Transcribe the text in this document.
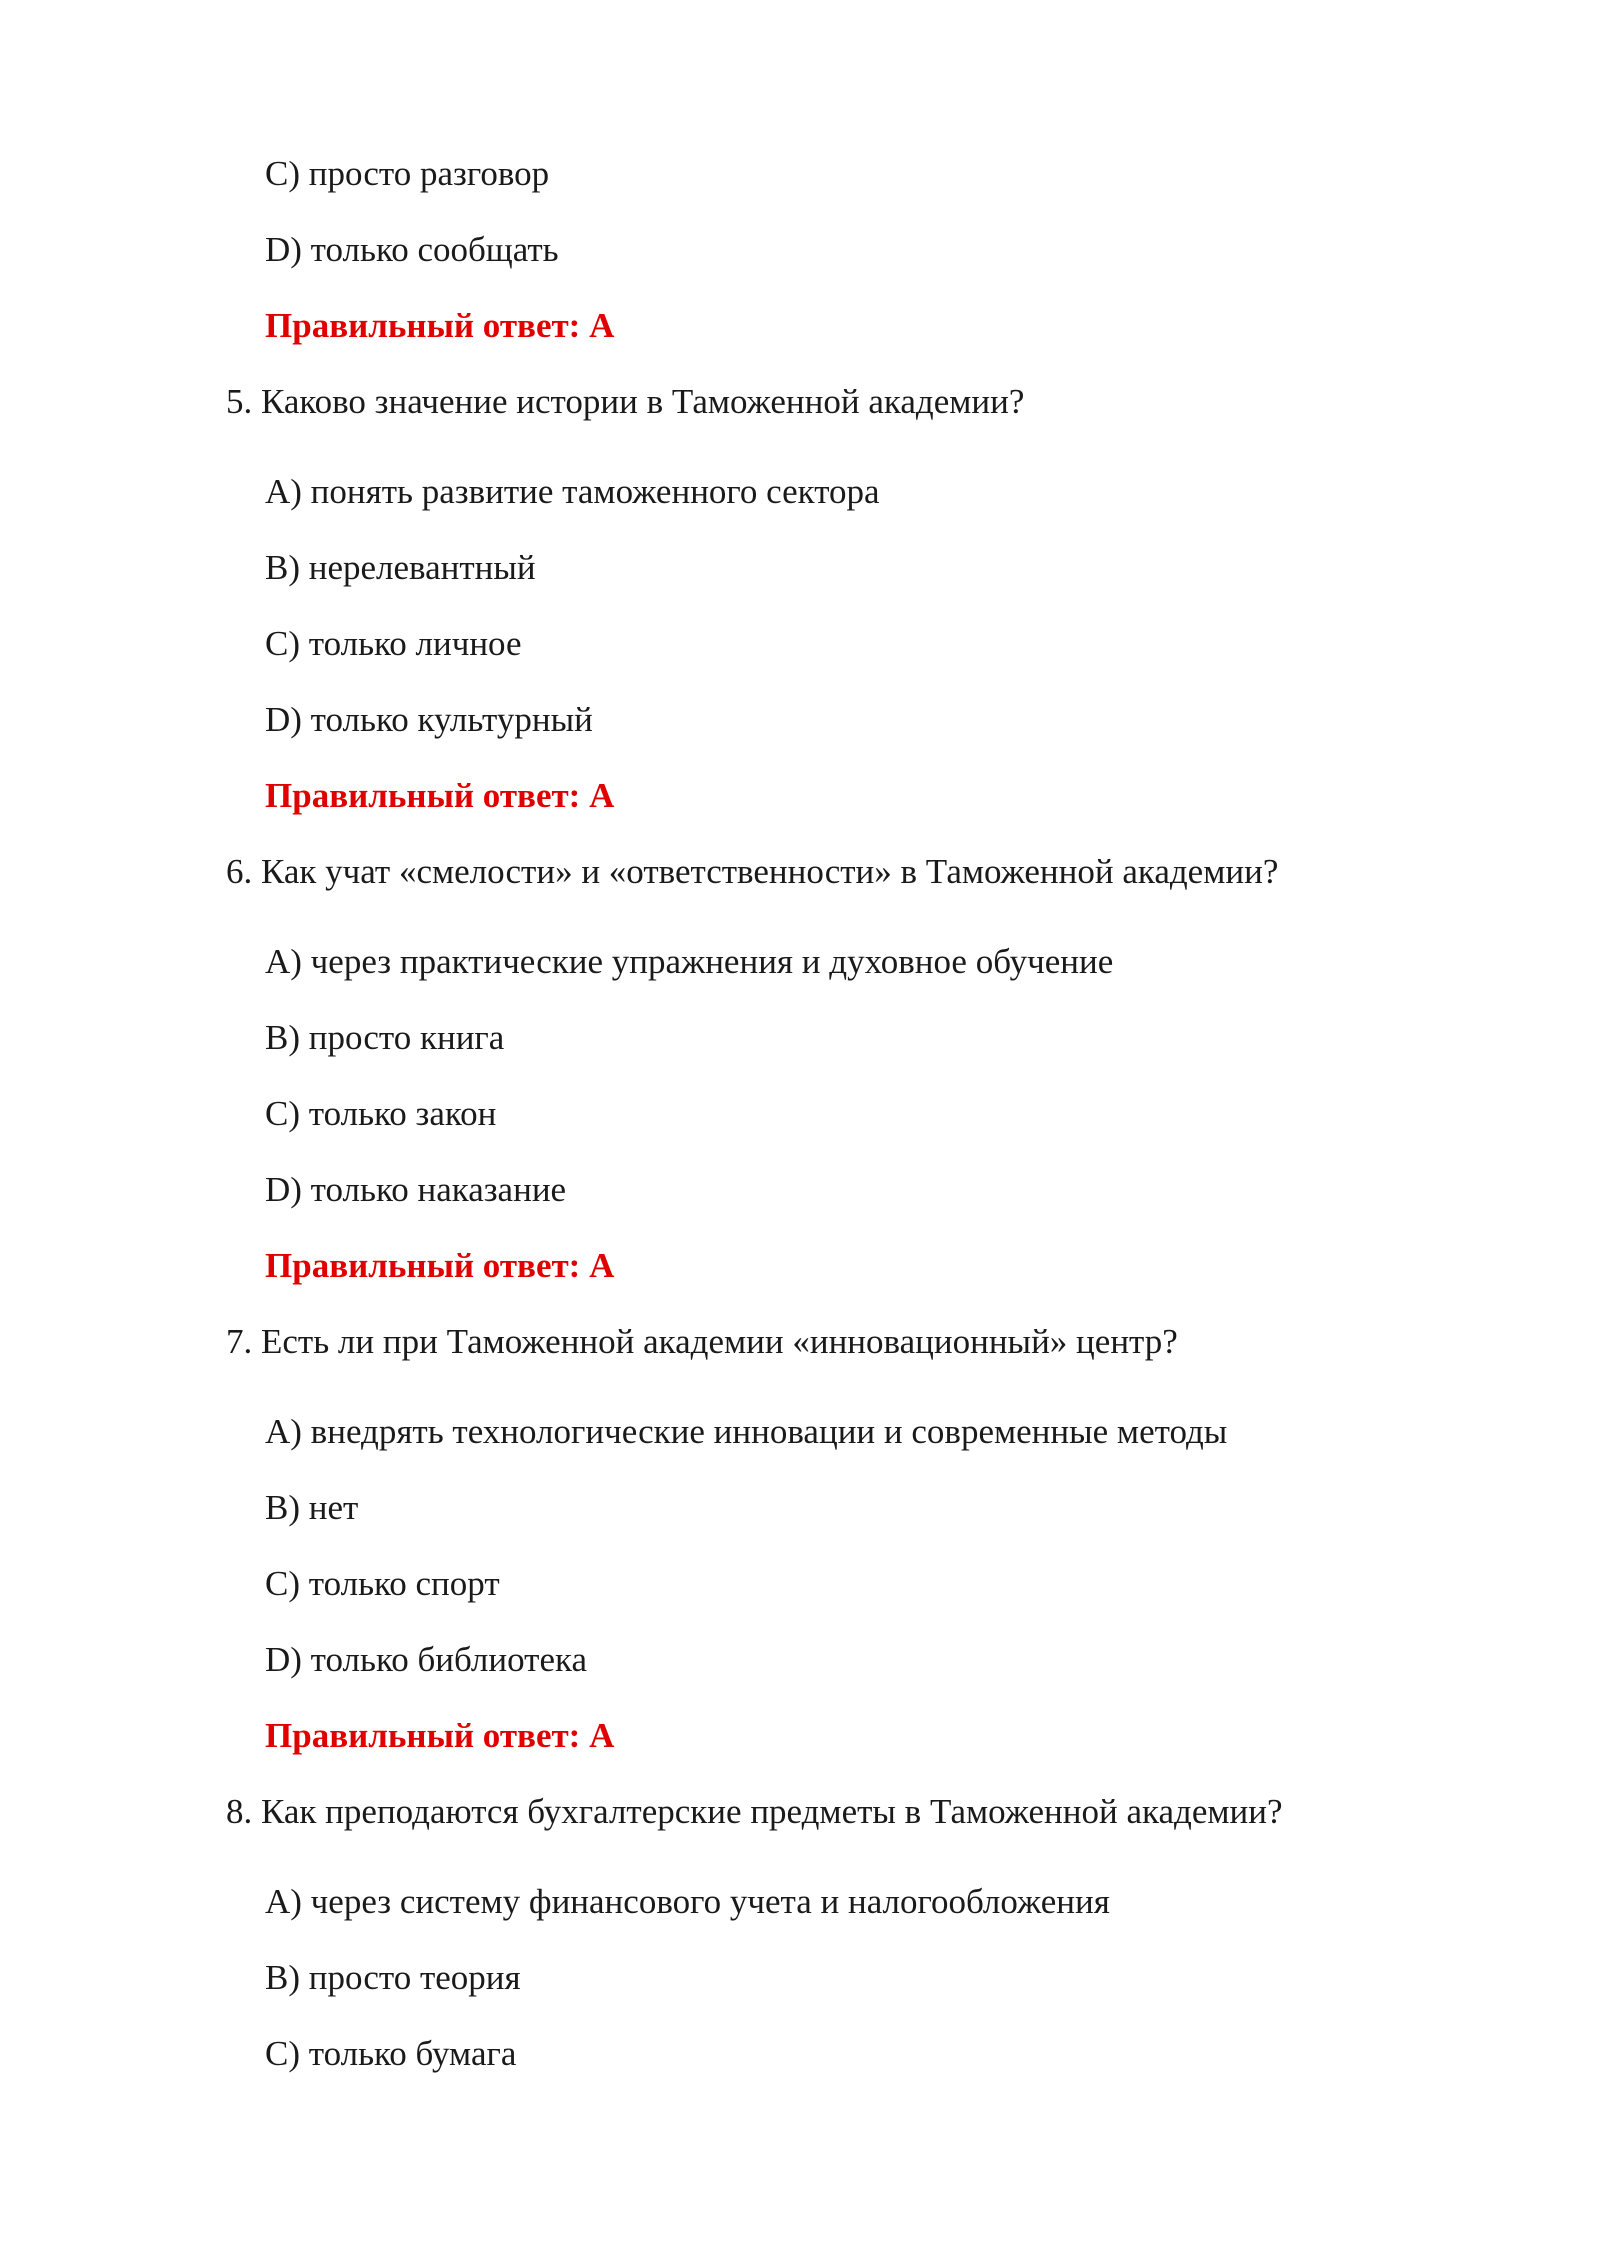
C) просто разговор
D) только сообщать
Правильный ответ: A
5. Каково значение истории в Таможенной академии?
A) понять развитие таможенного сектора
B) нерелевантный
C) только личное
D) только культурный
Правильный ответ: A
6. Как учат «смелости» и «ответственности» в Таможенной академии?
A) через практические упражнения и духовное обучение
B) просто книга
C) только закон
D) только наказание
Правильный ответ: A
7. Есть ли при Таможенной академии «инновационный» центр?
A) внедрять технологические инновации и современные методы
B) нет
C) только спорт
D) только библиотека
Правильный ответ: A
8. Как преподаются бухгалтерские предметы в Таможенной академии?
A) через систему финансового учета и налогообложения
B) просто теория
C) только бумага
